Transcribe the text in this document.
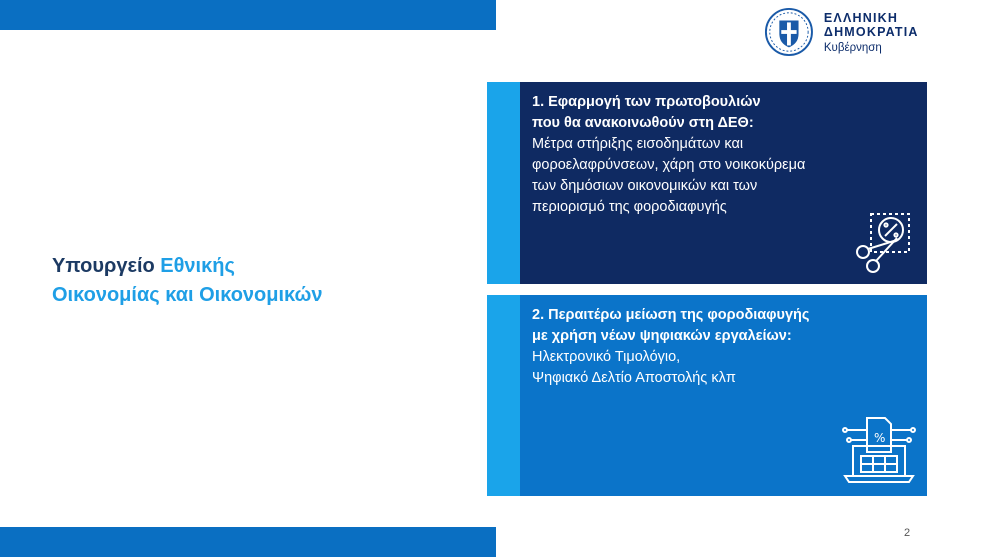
ΕΛΛΗΝΙΚΗ ΔΗΜΟΚΡΑΤΙΑ
Κυβέρνηση
Υπουργείο Εθνικής
Οικονομίας και Οικονομικών
1. Εφαρμογή των πρωτοβουλιών
που θα ανακοινωθούν στη ΔΕΘ:
Μέτρα στήριξης εισοδημάτων και
φοροελαφρύνσεων, χάρη στο νοικοκύρεμα
των δημόσιων οικονομικών και των
περιορισμό της φοροδιαφυγής
2. Περαιτέρω μείωση της φοροδιαφυγής
με χρήση νέων ψηφιακών εργαλείων:
Ηλεκτρονικό Τιμολόγιο,
Ψηφιακό Δελτίο Αποστολής κλπ
%
2
